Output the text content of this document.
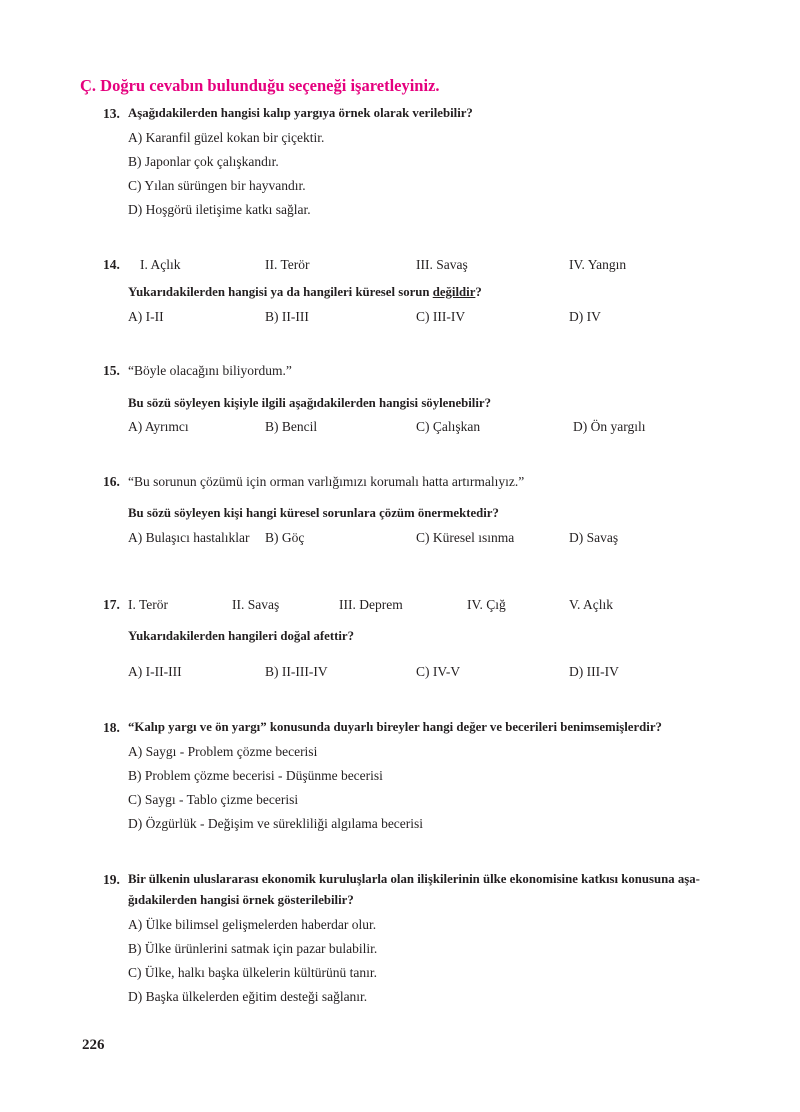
Ç. Doğru cevabın bulunduğu seçeneği işaretleyiniz.
13. Aşağıdakilerden hangisi kalıp yargıya örnek olarak verilebilir?
A) Karanfil güzel kokan bir çiçektir.
B) Japonlar çok çalışkandır.
C) Yılan sürüngen bir hayvandır.
D) Hoşgörü iletişime katkı sağlar.
14. I. Açlık	II. Terör	III. Savaş	IV. Yangın
Yukarıdakilerden hangisi ya da hangileri küresel sorun değildir?
A) I-II	B) II-III	C) III-IV	D) IV
15. “Böyle olacağını biliyordum.”
Bu sözü söyleyen kişiyle ilgili aşağıdakilerden hangisi söylenebilir?
A) Ayrımcı	B) Bencil	C) Çalışkan	D) Ön yargılı
16. “Bu sorunun çözümü için orman varlığımızı korumalı hatta artırmalıyız.”
Bu sözü söyleyen kişi hangi küresel sorunlara çözüm önermektedir?
A) Bulaşıcı hastalıklar B) Göç	C) Küresel ısınma	D) Savaş
17. I. Terör	II. Savaş	III. Deprem	IV. Çığ	V. Açlık
Yukarıdakilerden hangileri doğal afettir?
A) I-II-III	B) II-III-IV	C) IV-V	D) III-IV
18. “Kalıp yargı ve ön yargı” konusunda duyarlı bireyler hangi değer ve becerileri benimsemişlerdir?
A) Saygı - Problem çözme becerisi
B) Problem çözme becerisi - Düşünme becerisi
C) Saygı - Tablo çizme becerisi
D) Özgürlük - Değişim ve sürekliliği algılama becerisi
19. Bir ülkenin uluslararası ekonomik kuruluşlarla olan ilişkilerinin ülke ekonomisine katkısı konusuna aşa-
ğıdakilerden hangisi örnek gösterilebilir?
A) Ülke bilimsel gelişmelerden haberdar olur.
B) Ülke ürünlerini satmak için pazar bulabilir.
C) Ülke, halkı başka ülkelerin kültürünü tanır.
D) Başka ülkelerden eğitim desteği sağlanır.
226
